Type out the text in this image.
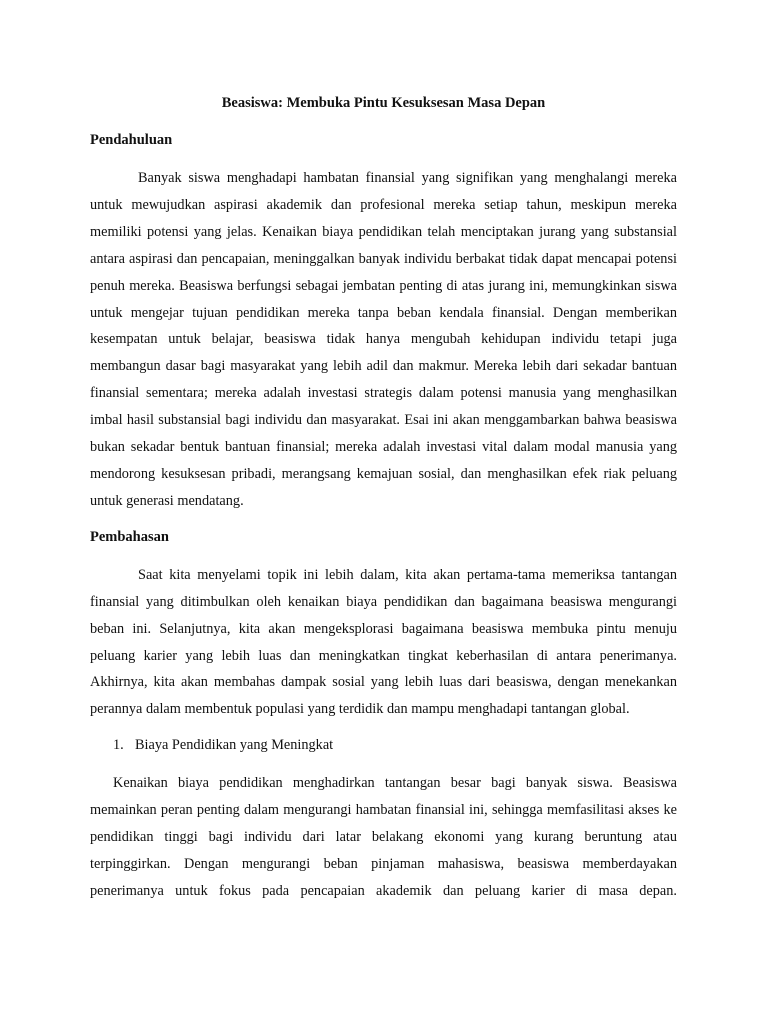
Beasiswa: Membuka Pintu Kesuksesan Masa Depan
Pendahuluan

Banyak siswa menghadapi hambatan finansial yang signifikan yang menghalangi mereka untuk mewujudkan aspirasi akademik dan profesional mereka setiap tahun, meskipun mereka memiliki potensi yang jelas. Kenaikan biaya pendidikan telah menciptakan jurang yang substansial antara aspirasi dan pencapaian, meninggalkan banyak individu berbakat tidak dapat mencapai potensi penuh mereka. Beasiswa berfungsi sebagai jembatan penting di atas jurang ini, memungkinkan siswa untuk mengejar tujuan pendidikan mereka tanpa beban kendala finansial. Dengan memberikan kesempatan untuk belajar, beasiswa tidak hanya mengubah kehidupan individu tetapi juga membangun dasar bagi masyarakat yang lebih adil dan makmur. Mereka lebih dari sekadar bantuan finansial sementara; mereka adalah investasi strategis dalam potensi manusia yang menghasilkan imbal hasil substansial bagi individu dan masyarakat. Esai ini akan menggambarkan bahwa beasiswa bukan sekadar bentuk bantuan finansial; mereka adalah investasi vital dalam modal manusia yang mendorong kesuksesan pribadi, merangsang kemajuan sosial, dan menghasilkan efek riak peluang untuk generasi mendatang.

Pembahasan

Saat kita menyelami topik ini lebih dalam, kita akan pertama-tama memeriksa tantangan finansial yang ditimbulkan oleh kenaikan biaya pendidikan dan bagaimana beasiswa mengurangi beban ini. Selanjutnya, kita akan mengeksplorasi bagaimana beasiswa membuka pintu menuju peluang karier yang lebih luas dan meningkatkan tingkat keberhasilan di antara penerimanya. Akhirnya, kita akan membahas dampak sosial yang lebih luas dari beasiswa, dengan menekankan perannya dalam membentuk populasi yang terdidik dan mampu menghadapi tantangan global.

1. Biaya Pendidikan yang Meningkat

Kenaikan biaya pendidikan menghadirkan tantangan besar bagi banyak siswa. Beasiswa memainkan peran penting dalam mengurangi hambatan finansial ini, sehingga memfasilitasi akses ke pendidikan tinggi bagi individu dari latar belakang ekonomi yang kurang beruntung atau terpinggirkan. Dengan mengurangi beban pinjaman mahasiswa, beasiswa memberdayakan penerimanya untuk fokus pada pencapaian akademik dan peluang karier di masa depan.
